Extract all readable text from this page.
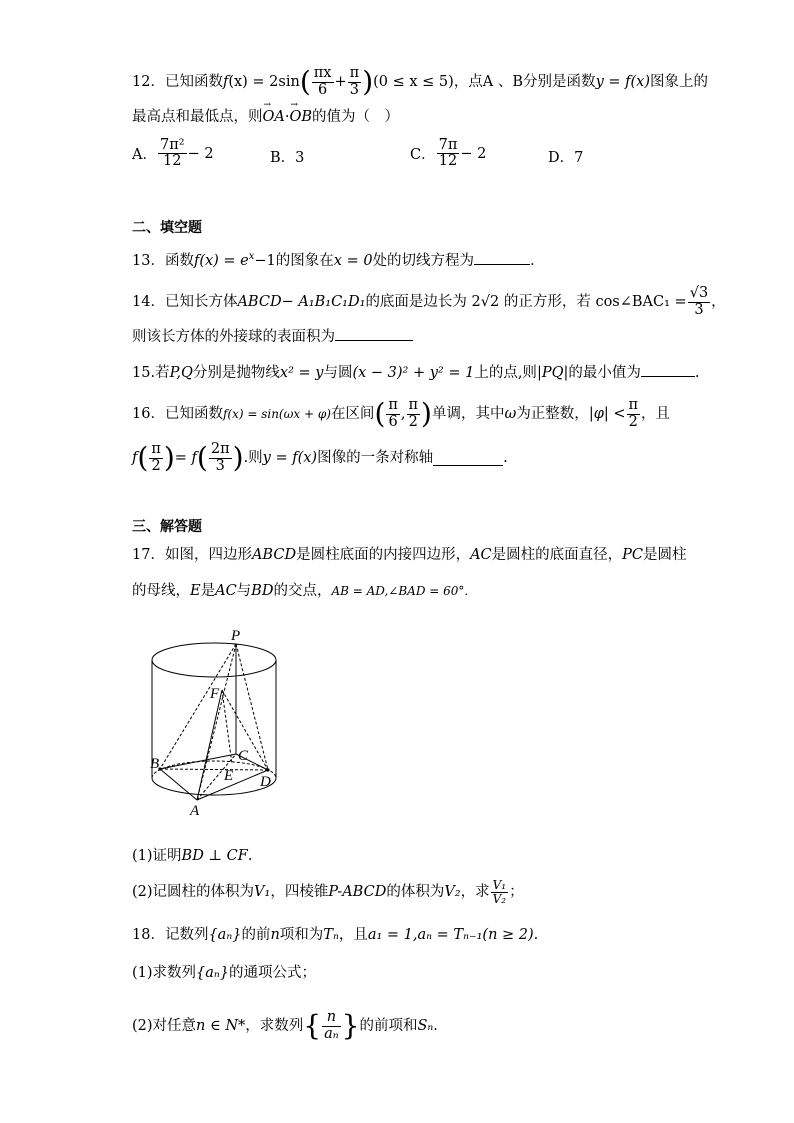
12．已知函数 f (x) = 2sin ( $\frac{\pi x}{6} + \frac{\pi}{3}$ ) (0 ≤ x ≤ 5) ，点A 、B分别是函数 y = f(x) 图象上的
最高点和最低点，则→ OA·→ OB的值为（　）
A． $\frac{\text{7π²}}{12} - 2$	B．3	C． $\frac{7\pi}{12} - 2$	D．7
二、填空题
13．函数$f(x) = e^x-1$的图象在x = 0处的切线方程为	．
14．已知长方体 ABCD− A₁B₁C₁D₁ 的底面是边长为 2√2 的正方形，若 cos∠BAC₁ = $\frac{√3}{3}$ ，
则该长方体的外接球的表面积为
15.若P,Q分别是抛物线x² = y与圆(x − 3)² + y² = 1上的点,则|PQ|的最小值为	.
16．已知函数 f(x) = sin(ωx + φ) 在区间 ( $\frac{\pi}{6}$ , $\frac{\pi}{2}$ ) 单调，其中 ω 为正整数， $|\varphi| < \frac{\pi}{2}$ ，且
f ( $\frac{\pi}{2}$ ) = f ( $\frac{2\pi}{3}$ ) .则 y = f(x) 图像的一条对称轴	.
三、解答题
17．如图，四边形ABCD是圆柱底面的内接四边形，AC是圆柱的底面直径，PC是圆柱
的母线，E是AC与BD的交点，AB = AD,∠BAD = 60°.
P
F
C
B
E D
A
(1)证明BD ⊥ CF.
(2)记圆柱的体积为 V₁ ，四棱锥 P-ABCD 的体积为 V₂ ，求 $\frac{\text{V₁}}{\text{V₂}}$ ；
18．记数列{aₙ}的前n项和为Tₙ，且a₁ = 1,aₙ = Tₙ₋₁(n ≥ 2).
(1)求数列{aₙ}的通项公式；
(2)对任意 n ∈ N* ，求数列 { $\frac{n}{\text{aₙ}}$ } 的前项和 Sₙ .
